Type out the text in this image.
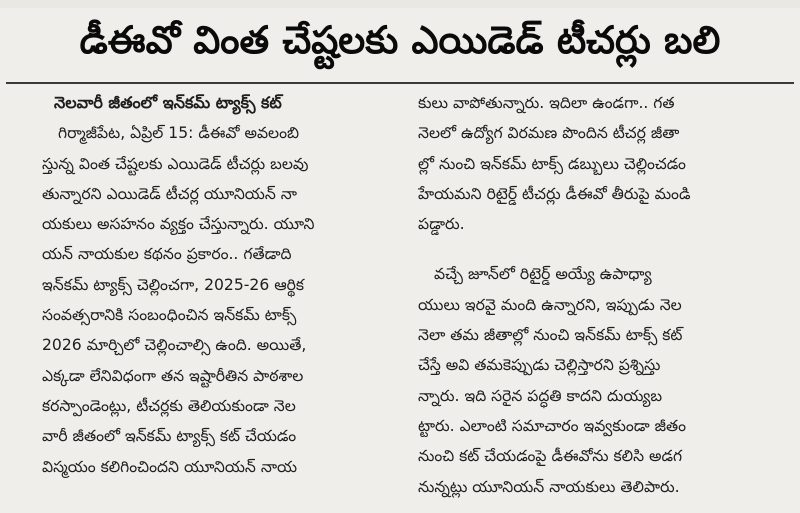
డీఈవో వింత చేష్టలకు ఎయిడెడ్ టీచర్లు బలి
నెలవారీ జీతంలో ఇన్‌కమ్ ట్యాక్స్ కట్
గిర్మాజీపేట, ఏప్రిల్ 15: డీఈవో అవలంబి
స్తున్న వింత చేష్టలకు ఎయిడెడ్ టీచర్లు బలవు
తున్నారని ఎయిడెడ్ టీచర్ల యూనియన్ నా
యకులు అసహనం వ్యక్తం చేస్తున్నారు. యూని
యన్ నాయకుల కథనం ప్రకారం.. గతేడాది
ఇన్‌కమ్ ట్యాక్స్ చెల్లించగా, 2025-26 ఆర్థిక
సంవత్సరానికి సంబంధించిన ఇన్‌కమ్ టాక్స్
2026 మార్చిలో చెల్లించాల్సి ఉంది. అయితే,
ఎక్కడా లేనివిధంగా తన ఇష్టారీతిన పాఠశాల
కరస్పాండెంట్లు, టీచర్లకు తెలియకుండా నెల
వారీ జీతంలో ఇన్‌కమ్ ట్యాక్స్ కట్ చేయడం
విస్మయం కలిగించిందని యూనియన్ నాయ
కులు వాపోతున్నారు. ఇదిలా ఉండగా.. గత
నెలలో ఉద్యోగ విరమణ పొందిన టీచర్ల జీతా
ల్లో నుంచి ఇన్‌కమ్ టాక్స్ డబ్బులు చెల్లించడం
హేయమని రిటైర్డ్ టీచర్లు డీఈవో తీరుపై మండి
పడ్డారు.
వచ్చే జూన్‌లో రిటైర్డ్ అయ్యే ఉపాధ్యా
యులు ఇరవై మంది ఉన్నారని, ఇప్పుడు నెల
నెలా తమ జీతాల్లో నుంచి ఇన్‌కమ్ టాక్స్ కట్
చేస్తే అవి తమకెప్పుడు చెల్లిస్తారని ప్రశ్నిస్తు
న్నారు. ఇది సరైన పద్ధతి కాదని దుయ్యబ
ట్టారు. ఎలాంటి సమాచారం ఇవ్వకుండా జీతం
నుంచి కట్ చేయడంపై డీఈవోను కలిసి అడగ
నున్నట్లు యూనియన్ నాయకులు తెలిపారు.
